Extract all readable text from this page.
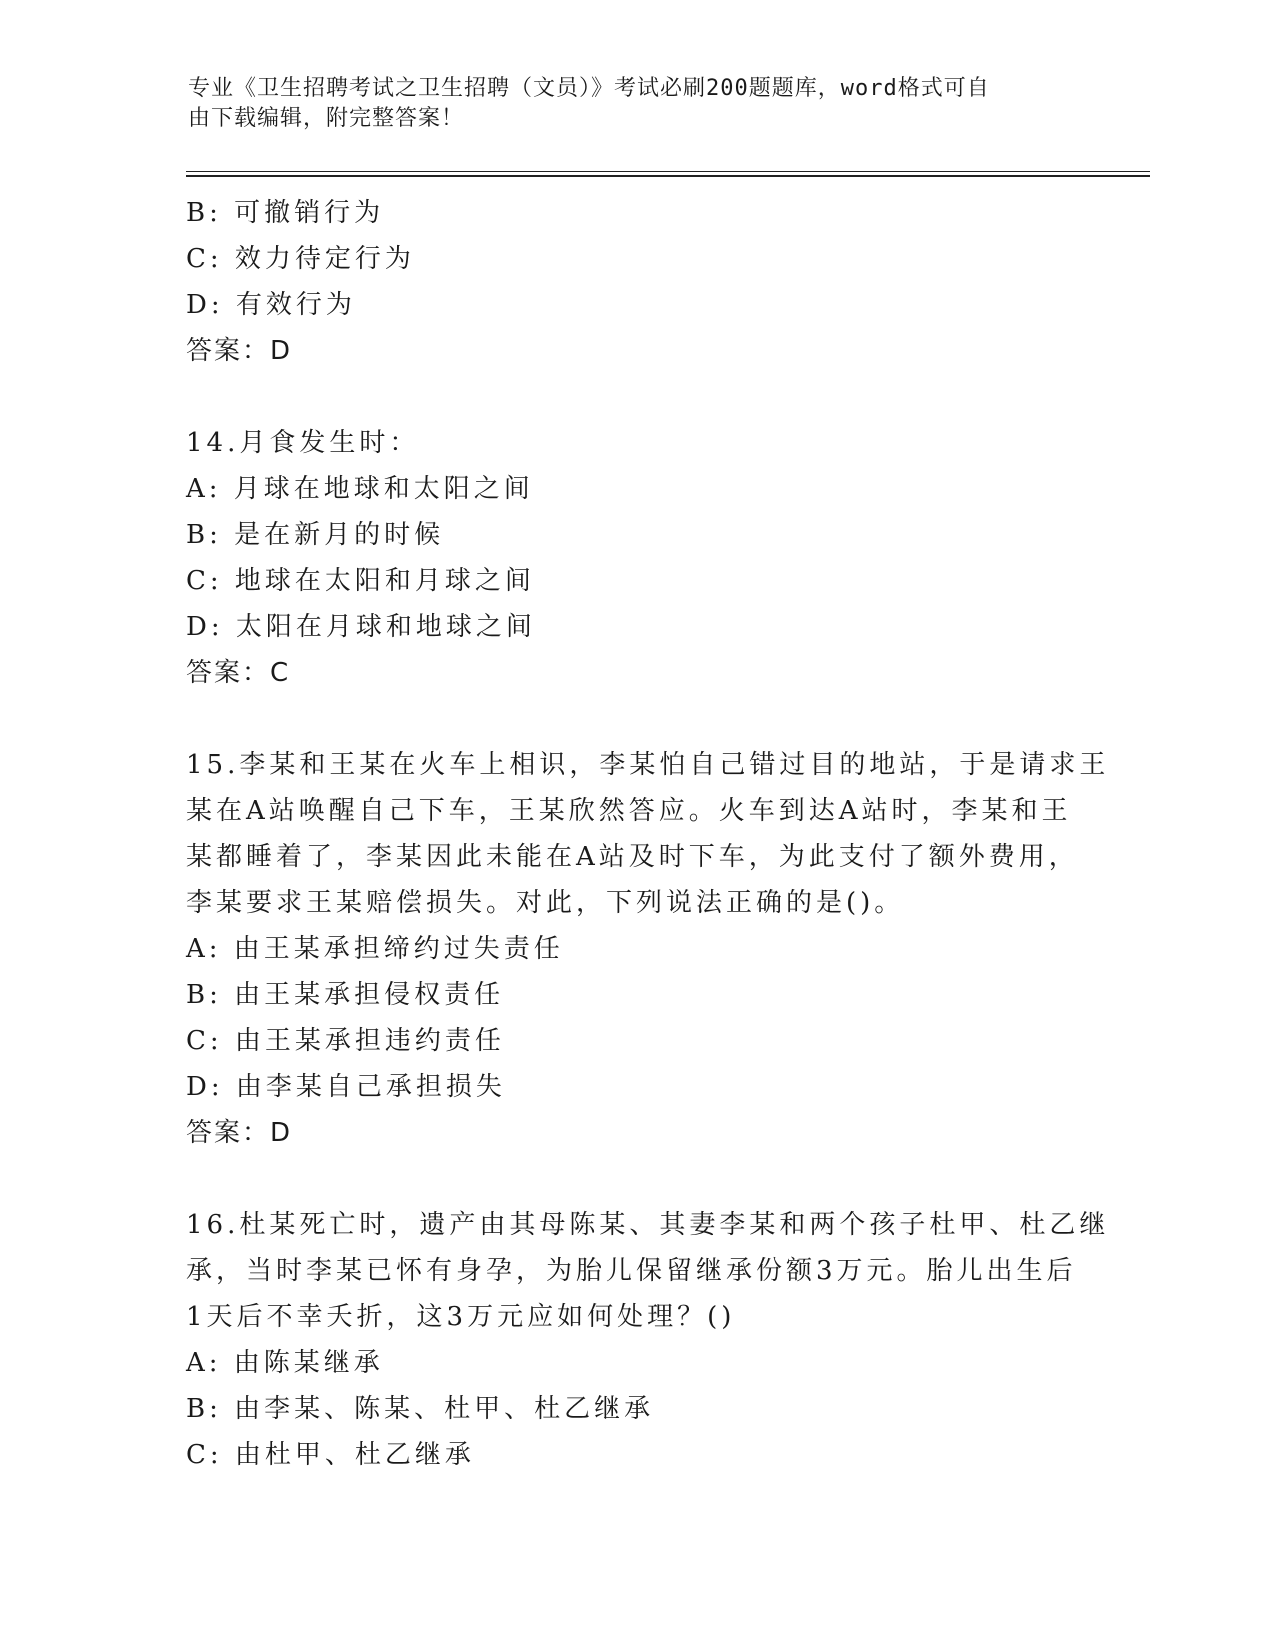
专业《卫生招聘考试之卫生招聘（文员）》考试必刷200题题库，word格式可自
由下载编辑，附完整答案！
B: 可撤销行为
C: 效力待定行为
D: 有效行为
答案：D
14.月食发生时：
A: 月球在地球和太阳之间
B: 是在新月的时候
C: 地球在太阳和月球之间
D: 太阳在月球和地球之间
答案：C
15.李某和王某在火车上相识，李某怕自己错过目的地站，于是请求王
某在A站唤醒自己下车，王某欣然答应。火车到达A站时，李某和王
某都睡着了，李某因此未能在A站及时下车，为此支付了额外费用，
李某要求王某赔偿损失。对此，下列说法正确的是()。
A: 由王某承担缔约过失责任
B: 由王某承担侵权责任
C: 由王某承担违约责任
D: 由李某自己承担损失
答案：D
16.杜某死亡时，遗产由其母陈某、其妻李某和两个孩子杜甲、杜乙继
承，当时李某已怀有身孕，为胎儿保留继承份额3万元。胎儿出生后
1天后不幸夭折，这3万元应如何处理？()
A: 由陈某继承
B: 由李某、陈某、杜甲、杜乙继承
C: 由杜甲、杜乙继承
